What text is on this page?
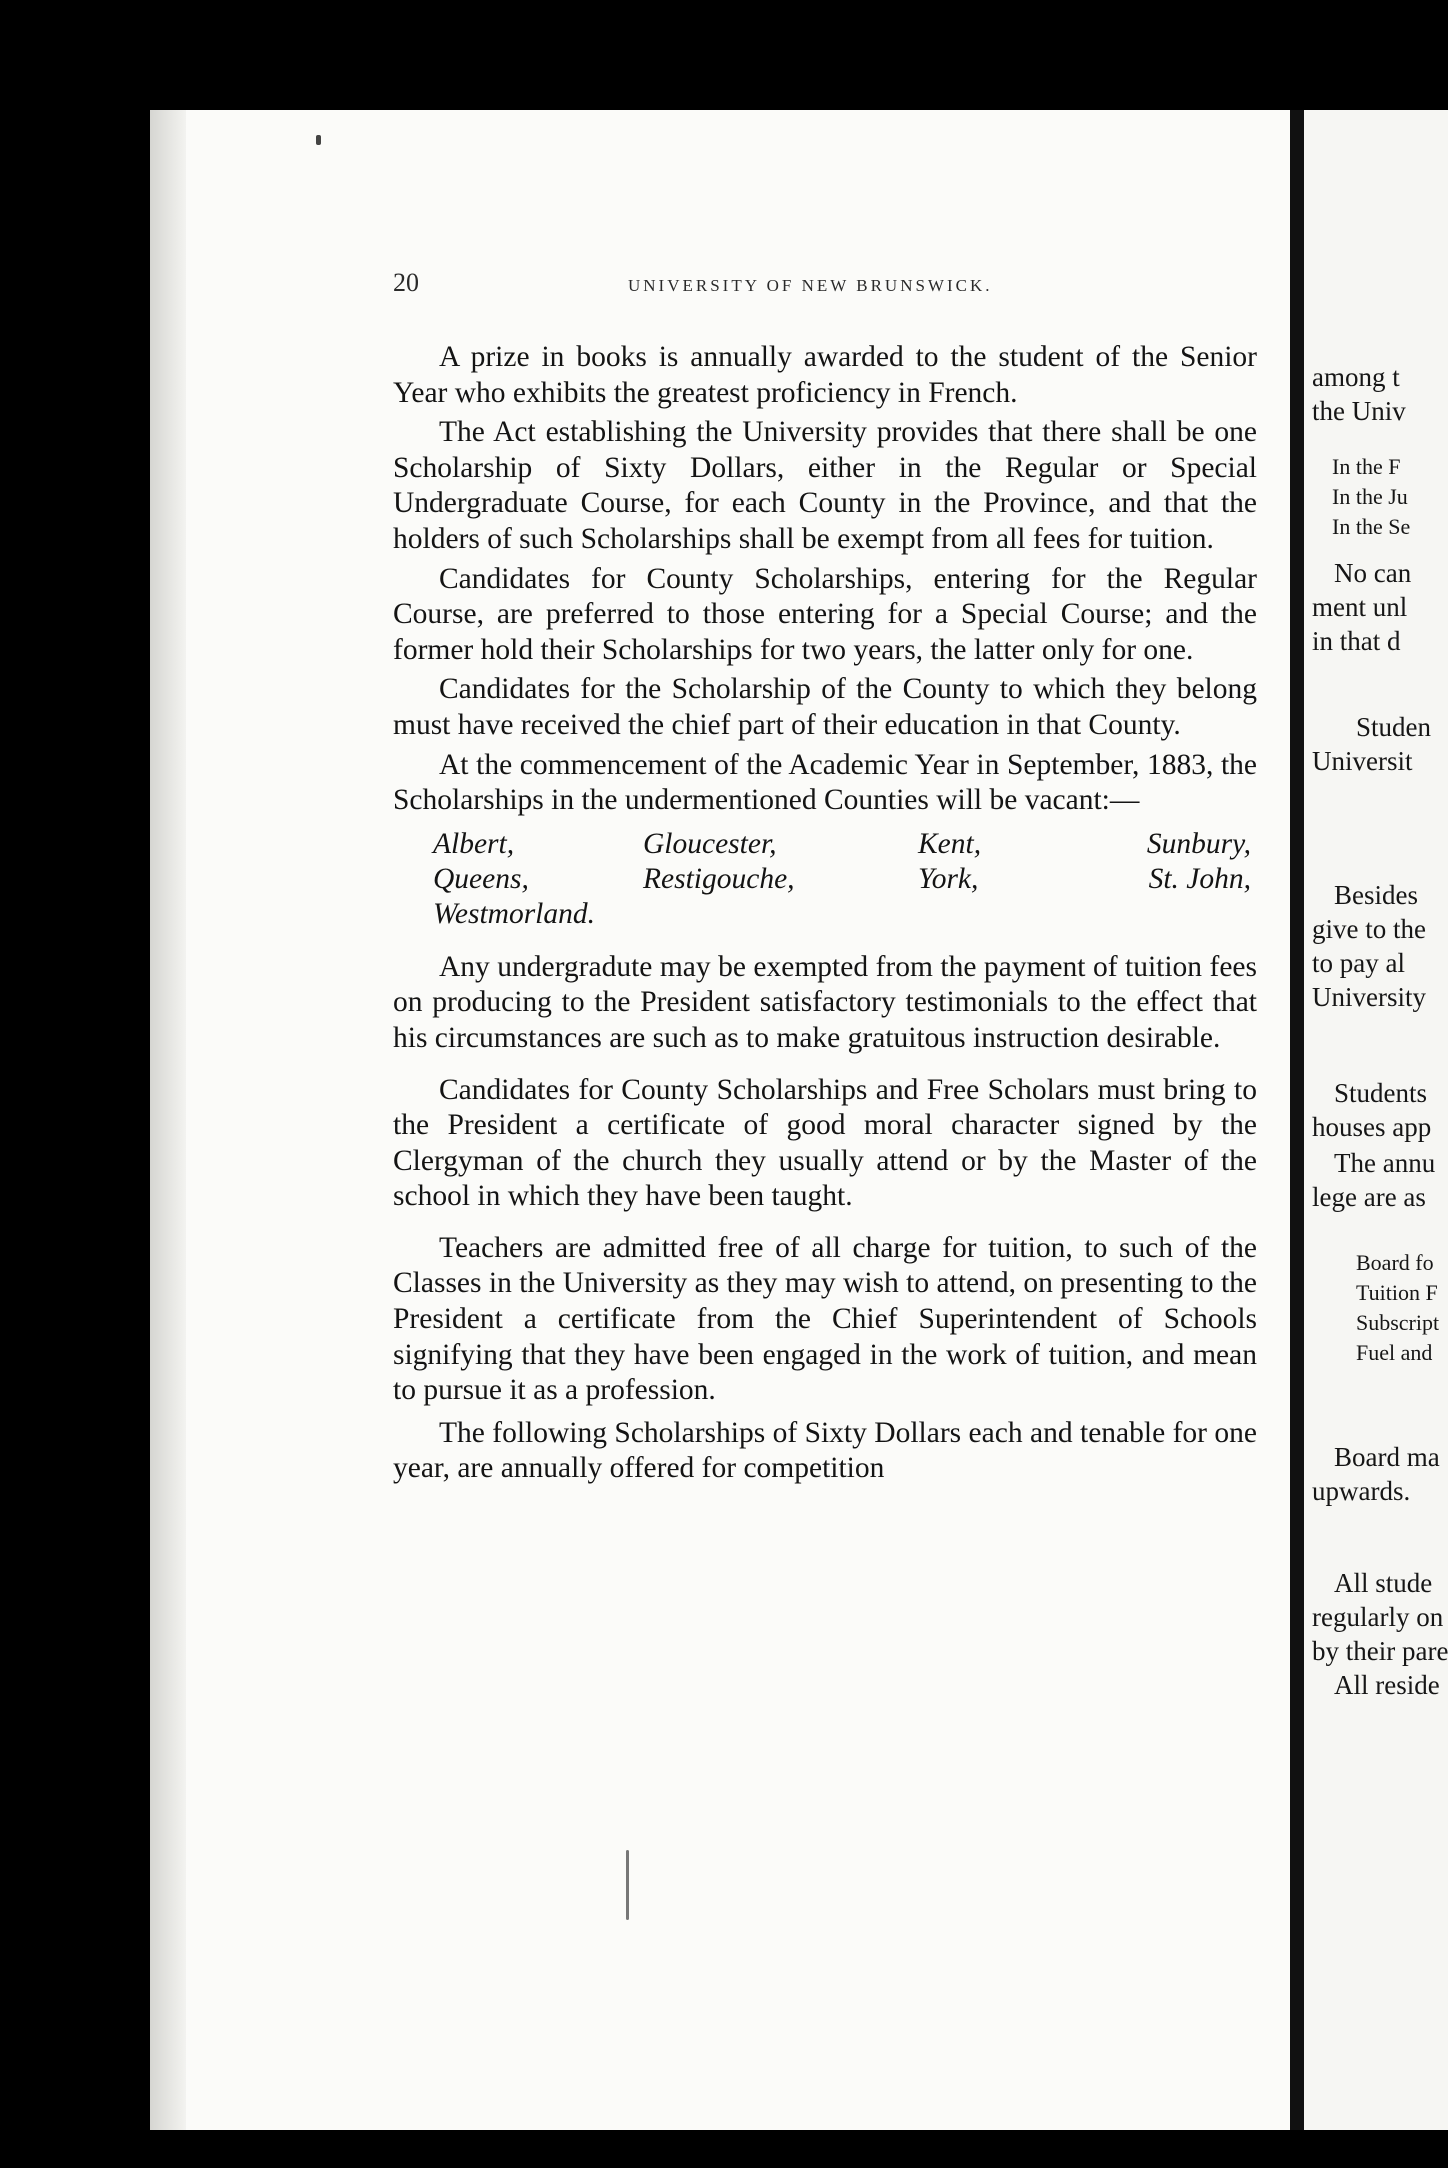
20	UNIVERSITY OF NEW BRUNSWICK.

A prize in books is annually awarded to the student of the Senior Year who exhibits the greatest proficiency in French.

The Act establishing the University provides that there shall be one Scholarship of Sixty Dollars, either in the Regular or Special Undergraduate Course, for each County in the Province, and that the holders of such Scholarships shall be exempt from all fees for tuition.

Candidates for County Scholarships, entering for the Regular Course, are preferred to those entering for a Special Course; and the former hold their Scholarships for two years, the latter only for one.

Candidates for the Scholarship of the County to which they belong must have received the chief part of their education in that County.

At the commencement of the Academic Year in September, 1883, the Scholarships in the undermentioned Counties will be vacant:—

Albert,	Gloucester,	Kent,	Sunbury,
Queens,	Restigouche,	York,	St. John,
Westmorland.

Any undergradute may be exempted from the payment of tuition fees on producing to the President satisfactory testimonials to the effect that his circumstances are such as to make gratuitous instruction desirable.

Candidates for County Scholarships and Free Scholars must bring to the President a certificate of good moral character signed by the Clergyman of the church they usually attend or by the Master of the school in which they have been taught.

Teachers are admitted free of all charge for tuition, to such of the Classes in the University as they may wish to attend, on presenting to the President a certificate from the Chief Superintendent of Schools signifying that they have been engaged in the work of tuition, and mean to pursue it as a profession.

The following Scholarships of Sixty Dollars each and tenable for one year, are annually offered for competition

among t
the Univ
In the F
In the Ju
In the Se
No can
ment unl
in that d
Studen
Universit
Besides
give to the
to pay al
University
Students
houses app
The annu
lege are as
Board fo
Tuition F
Subscript
Fuel and
Board ma
upwards.
All stude
regularly on
by their pare
All reside
